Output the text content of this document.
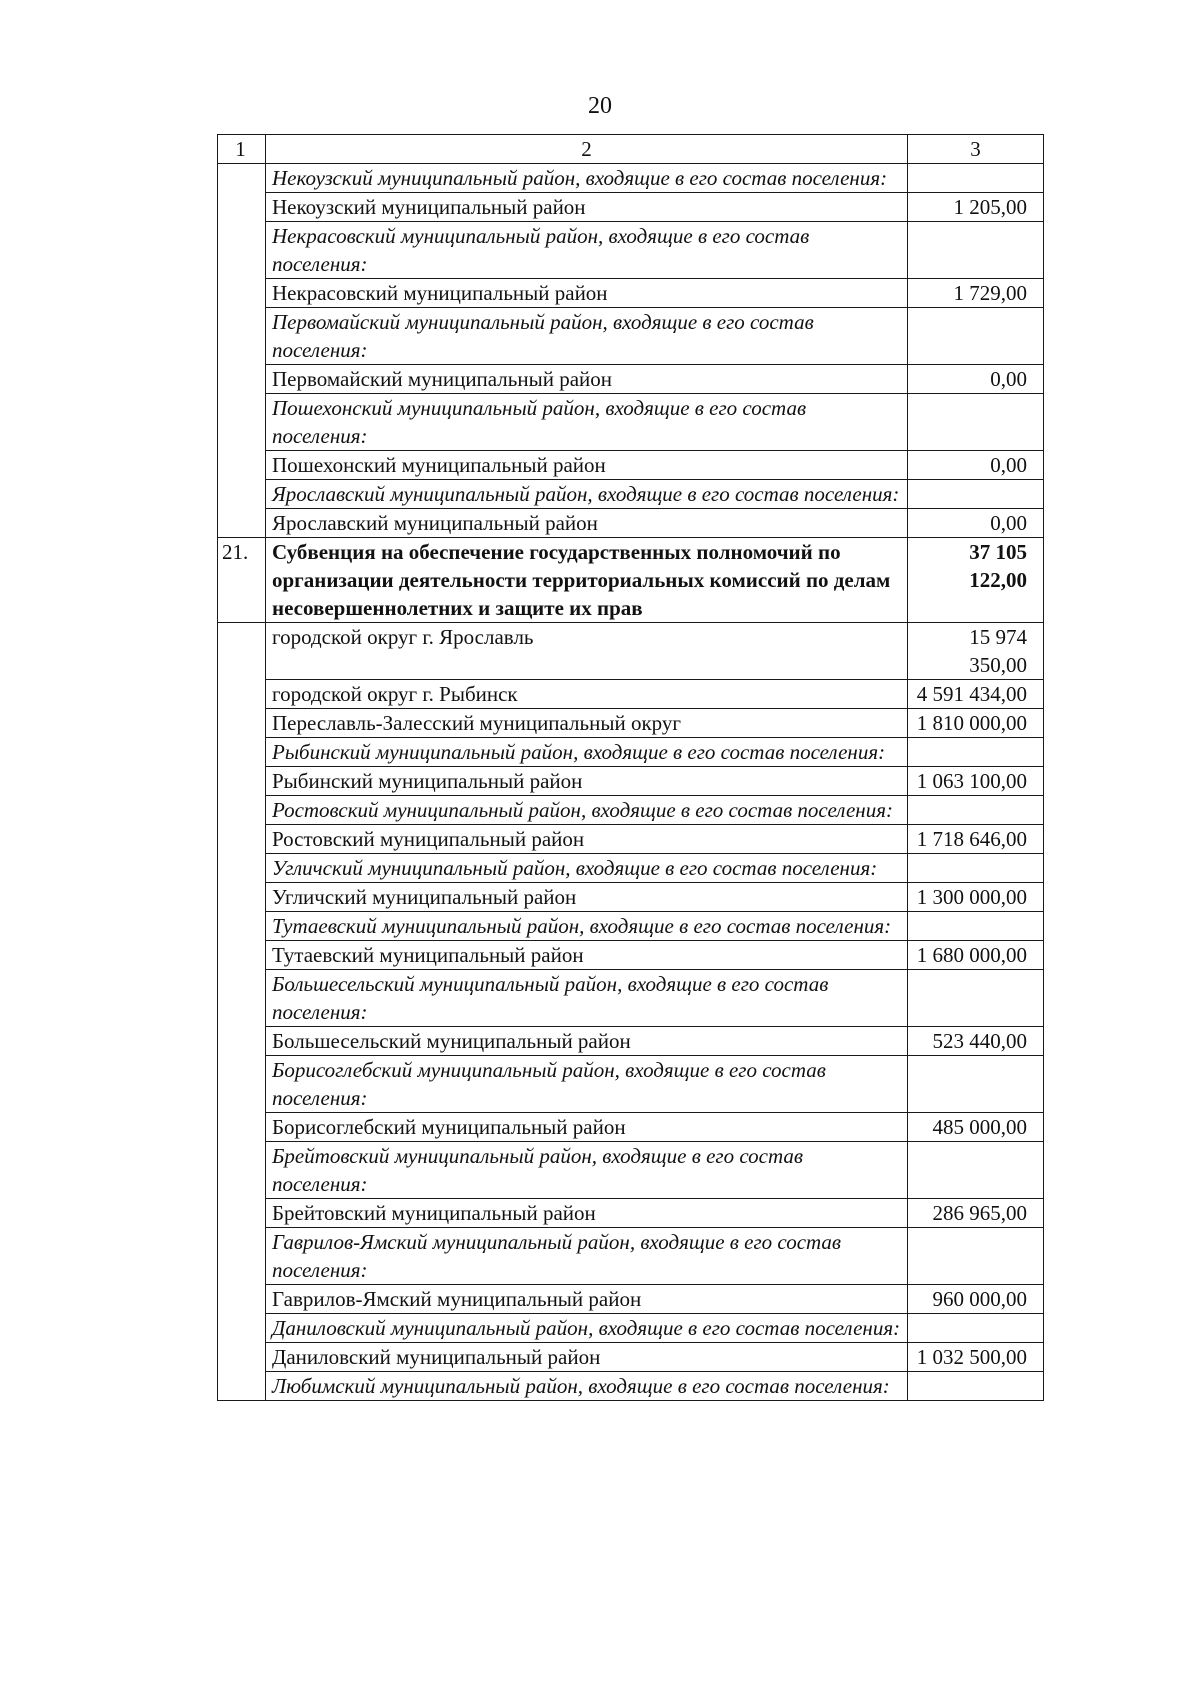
20
1	2	3
	Некоузский муниципальный район, входящие в его состав поселения:	
	Некоузский муниципальный район	1 205,00
	Некрасовский муниципальный район, входящие в его состав поселения:	
	Некрасовский муниципальный район	1 729,00
	Первомайский муниципальный район, входящие в его состав поселения:	
	Первомайский муниципальный район	0,00
	Пошехонский муниципальный район, входящие в его состав поселения:	
	Пошехонский муниципальный район	0,00
	Ярославский муниципальный район, входящие в его состав поселения:	
	Ярославский муниципальный район	0,00
21.	Субвенция на обеспечение государственных полномочий по организации деятельности территориальных комиссий по делам несовершеннолетних и защите их прав	37 105 122,00
	городской округ г. Ярославль	15 974 350,00
	городской округ г. Рыбинск	4 591 434,00
	Переславль-Залесский муниципальный округ	1 810 000,00
	Рыбинский муниципальный район, входящие в его состав поселения:	
	Рыбинский муниципальный район	1 063 100,00
	Ростовский муниципальный район, входящие в его состав поселения:	
	Ростовский муниципальный район	1 718 646,00
	Угличский муниципальный район, входящие в его состав поселения:	
	Угличский муниципальный район	1 300 000,00
	Тутаевский муниципальный район, входящие в его состав поселения:	
	Тутаевский муниципальный район	1 680 000,00
	Большесельский муниципальный район, входящие в его состав поселения:	
	Большесельский муниципальный район	523 440,00
	Борисоглебский муниципальный район, входящие в его состав поселения:	
	Борисоглебский муниципальный район	485 000,00
	Брейтовский муниципальный район, входящие в его состав поселения:	
	Брейтовский муниципальный район	286 965,00
	Гаврилов-Ямский муниципальный район, входящие в его состав поселения:	
	Гаврилов-Ямский муниципальный район	960 000,00
	Даниловский муниципальный район, входящие в его состав поселения:	
	Даниловский муниципальный район	1 032 500,00
	Любимский муниципальный район, входящие в его состав поселения:	
